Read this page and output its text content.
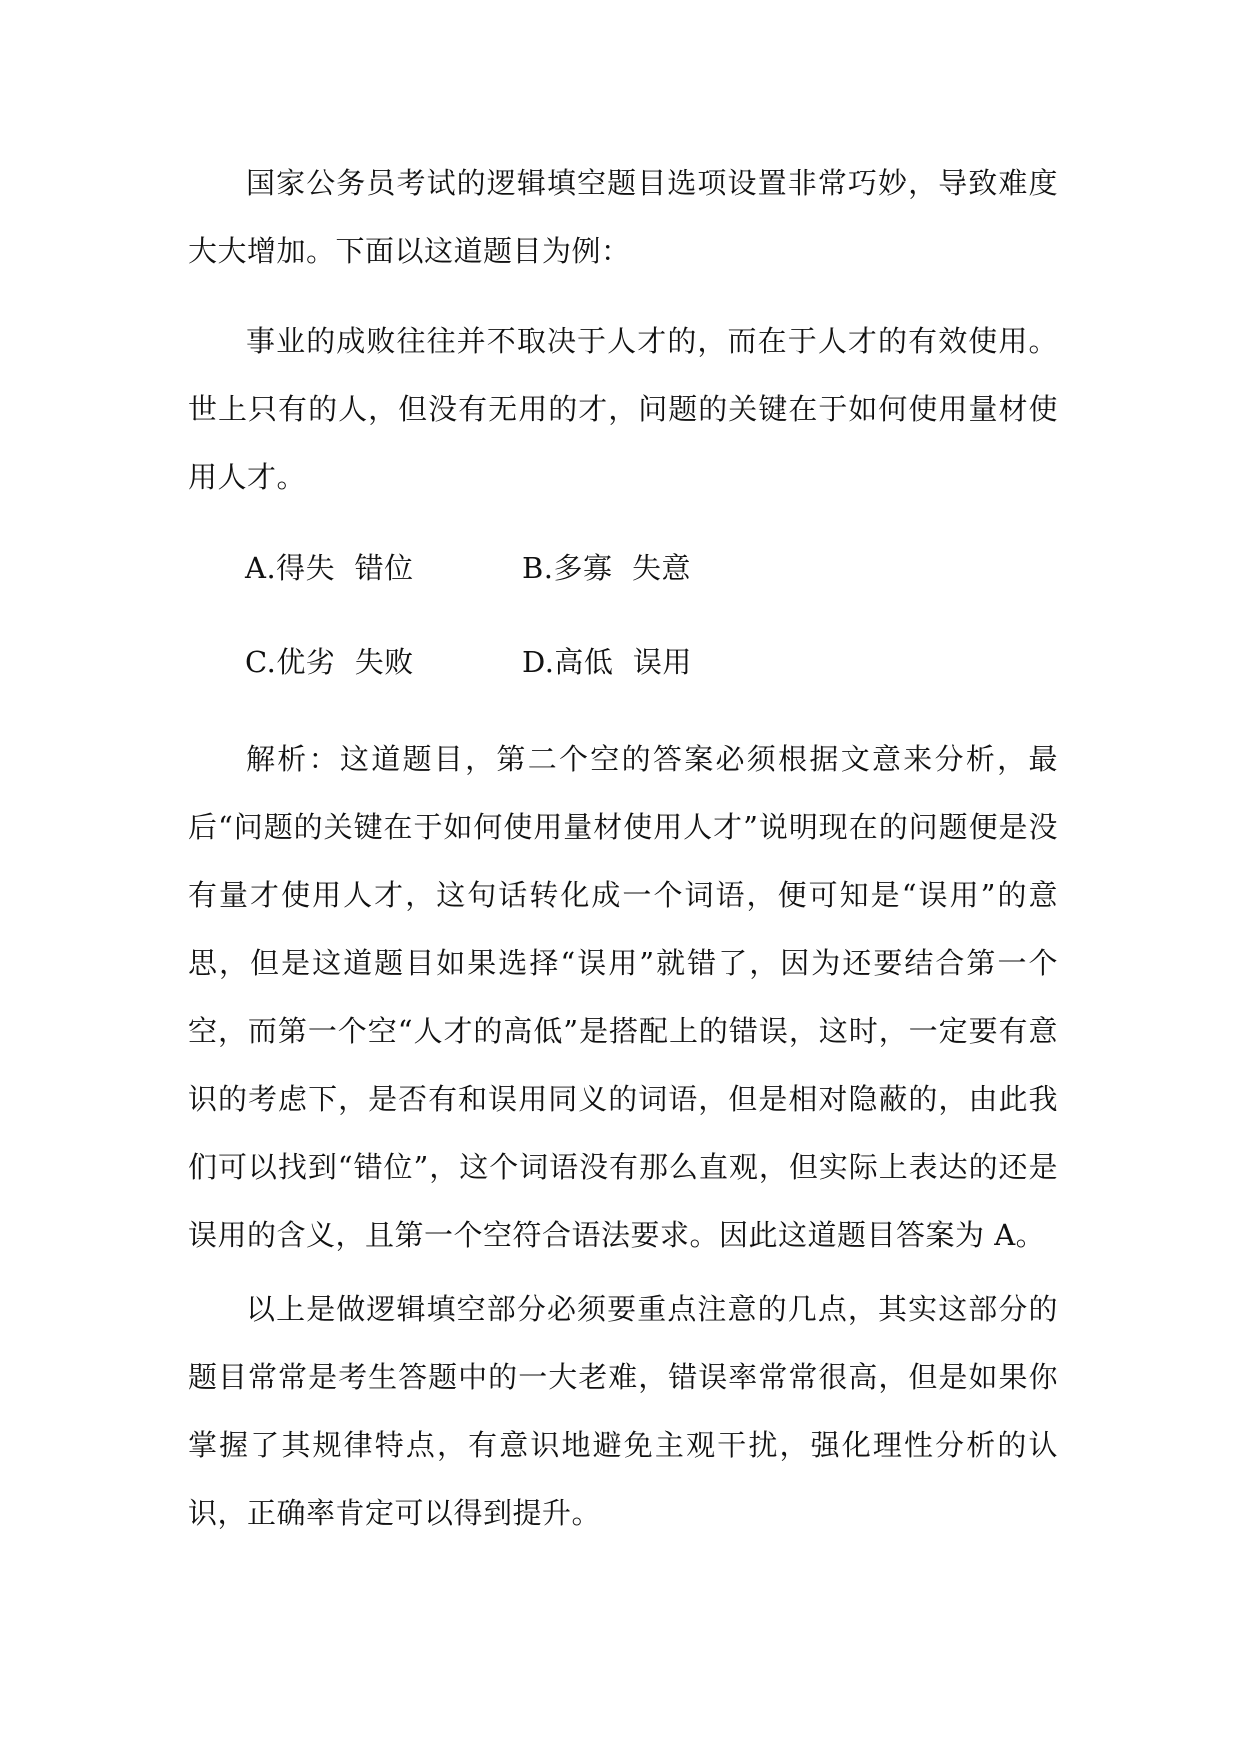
国家公务员考试的逻辑填空题目选项设置非常巧妙，导致难度大大增加。下面以这道题目为例：

事业的成败往往并不取决于人才的，而在于人才的有效使用。世上只有的人，但没有无用的才，问题的关键在于如何使用量材使用人才。

A.得失  错位	B.多寡  失意
C.优劣  失败	D.高低  误用

解析：这道题目，第二个空的答案必须根据文意来分析，最后“问题的关键在于如何使用量材使用人才”说明现在的问题便是没有量才使用人才，这句话转化成一个词语，便可知是“误用”的意思，但是这道题目如果选择“误用”就错了，因为还要结合第一个空，而第一个空“人才的高低”是搭配上的错误，这时，一定要有意识的考虑下，是否有和误用同义的词语，但是相对隐蔽的，由此我们可以找到“错位”，这个词语没有那么直观，但实际上表达的还是误用的含义，且第一个空符合语法要求。因此这道题目答案为 A。

以上是做逻辑填空部分必须要重点注意的几点，其实这部分的题目常常是考生答题中的一大老难，错误率常常很高，但是如果你掌握了其规律特点，有意识地避免主观干扰，强化理性分析的认识，正确率肯定可以得到提升。
